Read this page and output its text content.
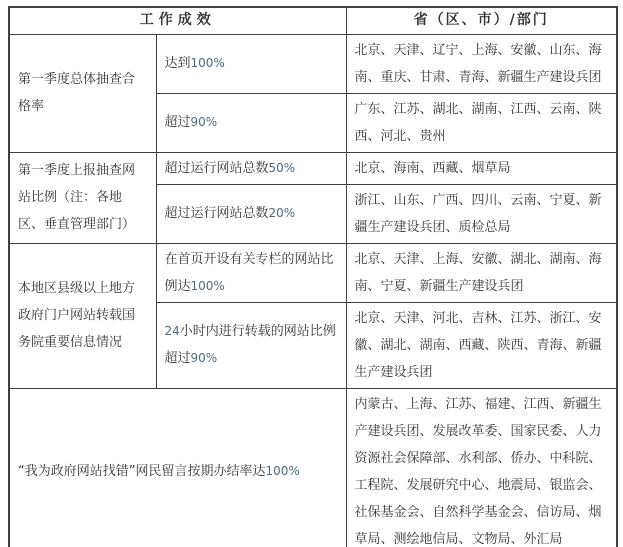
工作成效		省（区、市）/部门
第一季度总体抽查合格率	达到100%	北京、天津、辽宁、上海、安徽、山东、海南、重庆、甘肃、青海、新疆生产建设兵团
	超过90%	广东、江苏、湖北、湖南、江西、云南、陕西、河北、贵州
第一季度上报抽查网站比例（注：各地区、垂直管理部门）	超过运行网站总数50%	北京、海南、西藏、烟草局
	超过运行网站总数20%	浙江、山东、广西、四川、云南、宁夏、新疆生产建设兵团、质检总局
本地区县级以上地方政府门户网站转载国务院重要信息情况	在首页开设有关专栏的网站比例达100%	北京、天津、上海、安徽、湖北、湖南、海南、宁夏、新疆生产建设兵团
	24小时内进行转载的网站比例超过90%	北京、天津、河北、吉林、江苏、浙江、安徽、湖北、湖南、西藏、陕西、青海、新疆生产建设兵团
“我为政府网站找错”网民留言按期办结率达100%		内蒙古、上海、江苏、福建、江西、新疆生产建设兵团、发展改革委、国家民委、人力资源社会保障部、水利部、侨办、中科院、工程院、发展研究中心、地震局、银监会、社保基金会、自然科学基金会、信访局、烟草局、测绘地信局、文物局、外汇局
